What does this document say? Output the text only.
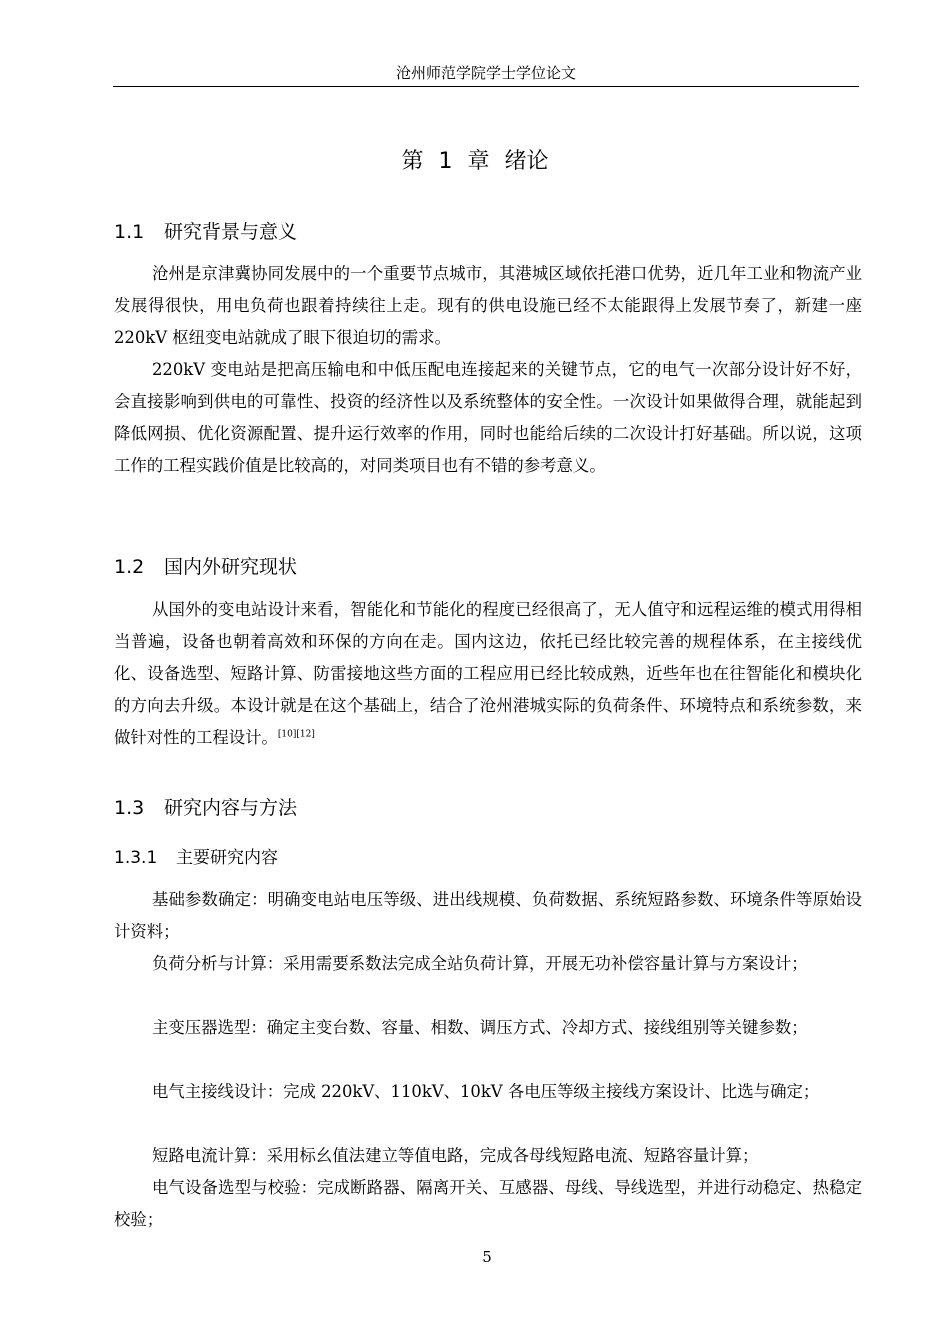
沧州师范学院学士学位论文
第 1 章 绪论
1.1 研究背景与意义

沧州是京津冀协同发展中的一个重要节点城市，其港城区域依托港口优势，近几年工业和物流产业发展得很快，用电负荷也跟着持续往上走。现有的供电设施已经不太能跟得上发展节奏了，新建一座 220kV 枢纽变电站就成了眼下很迫切的需求。

220kV 变电站是把高压输电和中低压配电连接起来的关键节点，它的电气一次部分设计好不好，会直接影响到供电的可靠性、投资的经济性以及系统整体的安全性。一次设计如果做得合理，就能起到降低网损、优化资源配置、提升运行效率的作用，同时也能给后续的二次设计打好基础。所以说，这项工作的工程实践价值是比较高的，对同类项目也有不错的参考意义。

1.2 国内外研究现状

从国外的变电站设计来看，智能化和节能化的程度已经很高了，无人值守和远程运维的模式用得相当普遍，设备也朝着高效和环保的方向在走。国内这边，依托已经比较完善的规程体系，在主接线优化、设备选型、短路计算、防雷接地这些方面的工程应用已经比较成熟，近些年也在往智能化和模块化的方向去升级。本设计就是在这个基础上，结合了沧州港城实际的负荷条件、环境特点和系统参数，来做针对性的工程设计。[10][12]

1.3 研究内容与方法
1.3.1 主要研究内容

基础参数确定：明确变电站电压等级、进出线规模、负荷数据、系统短路参数、环境条件等原始设计资料；

负荷分析与计算：采用需要系数法完成全站负荷计算，开展无功补偿容量计算与方案设计；

主变压器选型：确定主变台数、容量、相数、调压方式、冷却方式、接线组别等关键参数；

电气主接线设计：完成 220kV、110kV、10kV 各电压等级主接线方案设计、比选与确定；

短路电流计算：采用标幺值法建立等值电路，完成各母线短路电流、短路容量计算；

电气设备选型与校验：完成断路器、隔离开关、互感器、母线、导线选型，并进行动稳定、热稳定校验；

5
